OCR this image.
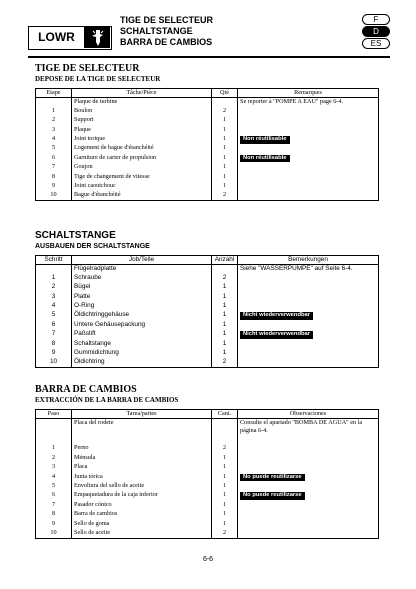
LOWR
TIGE DE SELECTEUR
SCHALTSTANGE
BARRA DE CAMBIOS
F
D
ES
TIGE DE SELECTEUR
DEPOSE DE LA TIGE DE SELECTEUR
Etape	Tâche/Pièce	Qté	Remarques
	Plaque de turbine		Se reporter à "POMPE A EAU" page 6-4.
1	Boulon	2	
2	Support	1	
3	Plaque	1	
4	Joint torique	1	Non réutilisable
5	Logement de bague d'étanchéité	1	
6	Garniture de carter de propulsion	1	Non réutilisable
7	Goujon	1	
8	Tige de changement de vitesse	1	
9	Joint caoutchouc	1	
10	Bague d'étanchéité	2	
SCHALTSTANGE
AUSBAUEN DER SCHALTSTANGE
Schritt	Job/Teile	Anzahl	Bemerkungen
	Flügelradplatte		Siehe "WASSERPUMPE" auf Seite 6-4.
1	Schraube	2	
2	Bügel	1	
3	Platte	1	
4	O-Ring	1	
5	Öldichtringgehäuse	1	Nicht wiederverwendbar
6	Untere Gehäusepackung	1	
7	Paßstift	1	Nicht wiederverwendbar
8	Schaltstange	1	
9	Gummidichtung	1	
10	Öldichtring	2	
BARRA DE CAMBIOS
EXTRACCIÓN DE LA BARRA DE CAMBIOS
Paso	Tarea/partes	Cant.	Observaciones
	Placa del rodete		Consulte el apartado "BOMBA DE AGUA" en la página 6-4.

1	Perno	2	
2	Ménsula	1	
3	Placa	1	
4	Junta tórica	1	No puede reutilizarse
5	Envoltura del sello de aceite	1	
6	Empaquetadura de la caja inferior	1	No puede reutilizarse
7	Pasador cónico	1	
8	Barra de cambios	1	
9	Sello de goma	1	
10	Sello de aceite	2	
6-6
